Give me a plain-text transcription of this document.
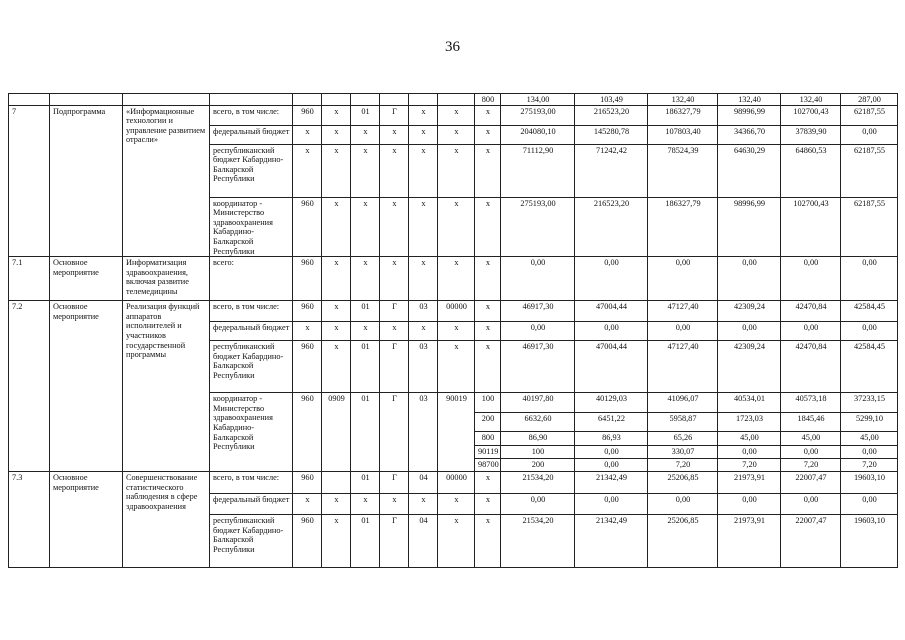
36
										800	134,00	103,49	132,40	132,40	132,40	287,00	
7	Подпрограмма	«Информационные технологии и управление развитием отрасли»	всего, в том числе:	960	x	01	Г	x	x	x	275193,00	216523,20	186327,79	98996,99	102700,43	62187,55	
			федеральный бюджет	x	x	x	x	x	x	x	204080,10	145280,78	107803,40	34366,70	37839,90	0,00	
			республиканский бюджет Кабардино-Балкарской Республики	x	x	x	x	x	x	x	71112,90	71242,42	78524,39	64630,29	64860,53	62187,55	
			координатор - Министерство здравоохранения Кабардино-Балкарской Республики	960	x	x	x	x	x	x	275193,00	216523,20	186327,79	98996,99	102700,43	62187,55	
7.1	Основное мероприятие	Информатизация здравоохранения, включая развитие телемедицины	всего:	960	x	x	x	x	x	x	0,00	0,00	0,00	0,00	0,00	0,00	
7.2	Основное мероприятие	Реализация функций аппаратов исполнителей и участников государственной программы	всего, в том числе:	960	x	01	Г	03	00000	x	46917,30	47004,44	47127,40	42309,24	42470,84	42584,45	
			федеральный бюджет	x	x	x	x	x	x	x	0,00	0,00	0,00	0,00	0,00	0,00	
			республиканский бюджет Кабардино-Балкарской Республики	960	x	01	Г	03	x	x	46917,30	47004,44	47127,40	42309,24	42470,84	42584,45	
			координатор - Министерство здравоохранения Кабардино-Балкарской Республики	960	0909	01	Г	03	90019	100	40197,80	40129,03	41096,07	40534,01	40573,18	37233,15	
										200	6632,60	6451,22	5958,87	1723,03	1845,46	5299,10	
										800	86,90	86,93	65,26	45,00	45,00	45,00	
										90119	100	0,00	330,07	0,00	0,00	0,00	
										98700	200	0,00	7,20	7,20	7,20	7,20	
7.3	Основное мероприятие	Совершенствование статистического наблюдения в сфере здравоохранения	всего, в том числе:	960		01	Г	04	00000	x	21534,20	21342,49	25206,85	21973,91	22007,47	19603,10	
			федеральный бюджет	x	x	x	x	x	x	x	0,00	0,00	0,00	0,00	0,00	0,00	
			республиканский бюджет Кабардино-Балкарской Республики	960	x	01	Г	04	x	x	21534,20	21342,49	25206,85	21973,91	22007,47	19603,10	
